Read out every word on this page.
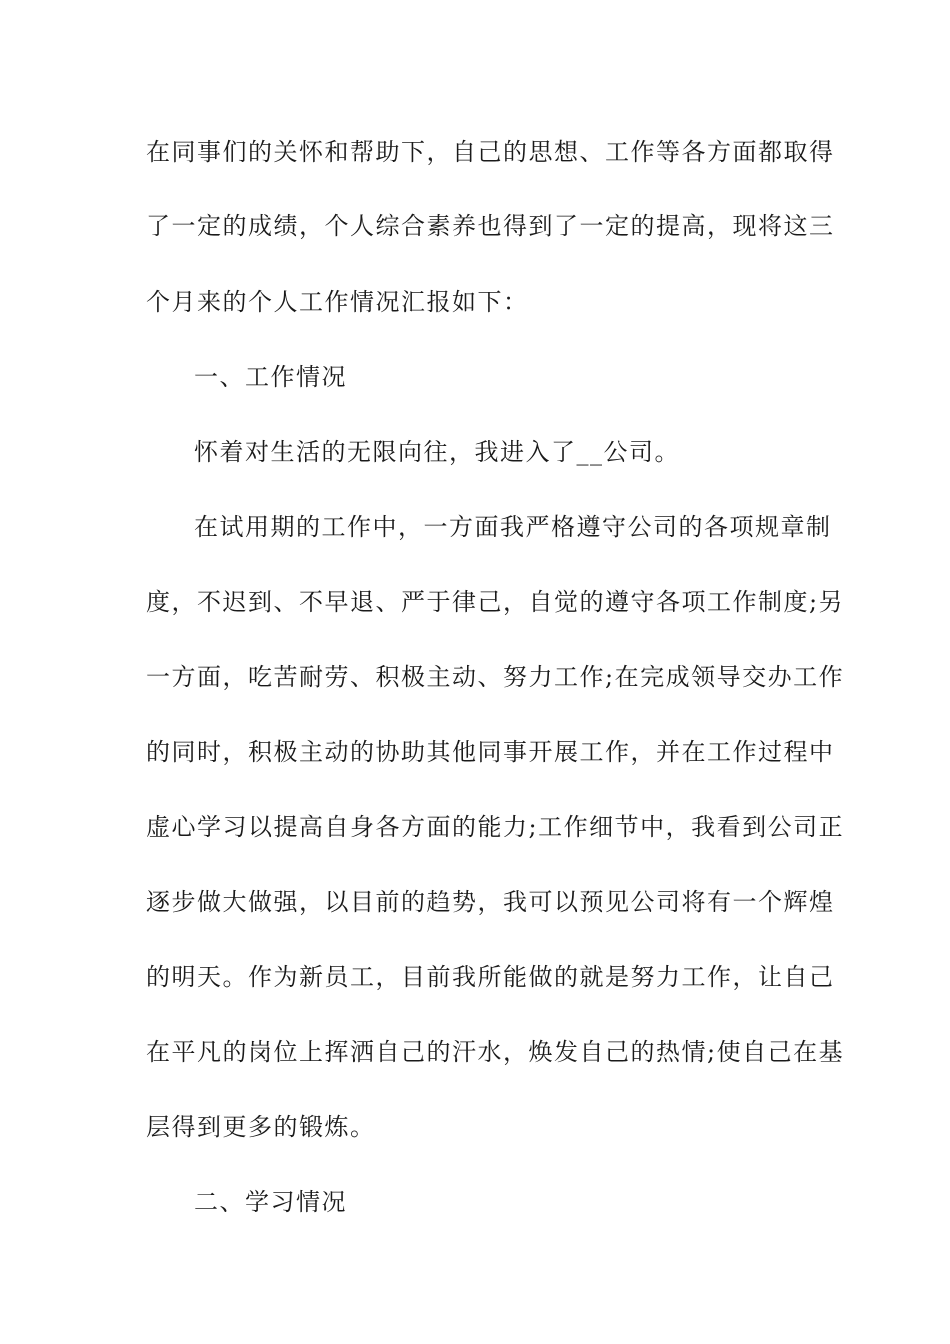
在同事们的关怀和帮助下，自己的思想、工作等各方面都取得
了一定的成绩，个人综合素养也得到了一定的提高，现将这三
个月来的个人工作情况汇报如下：
一、工作情况
怀着对生活的无限向往，我进入了__公司。
在试用期的工作中，一方面我严格遵守公司的各项规章制
度，不迟到、不早退、严于律己，自觉的遵守各项工作制度;另
一方面，吃苦耐劳、积极主动、努力工作;在完成领导交办工作
的同时，积极主动的协助其他同事开展工作，并在工作过程中
虚心学习以提高自身各方面的能力;工作细节中，我看到公司正
逐步做大做强，以目前的趋势，我可以预见公司将有一个辉煌
的明天。作为新员工，目前我所能做的就是努力工作，让自己
在平凡的岗位上挥洒自己的汗水，焕发自己的热情;使自己在基
层得到更多的锻炼。
二、学习情况
